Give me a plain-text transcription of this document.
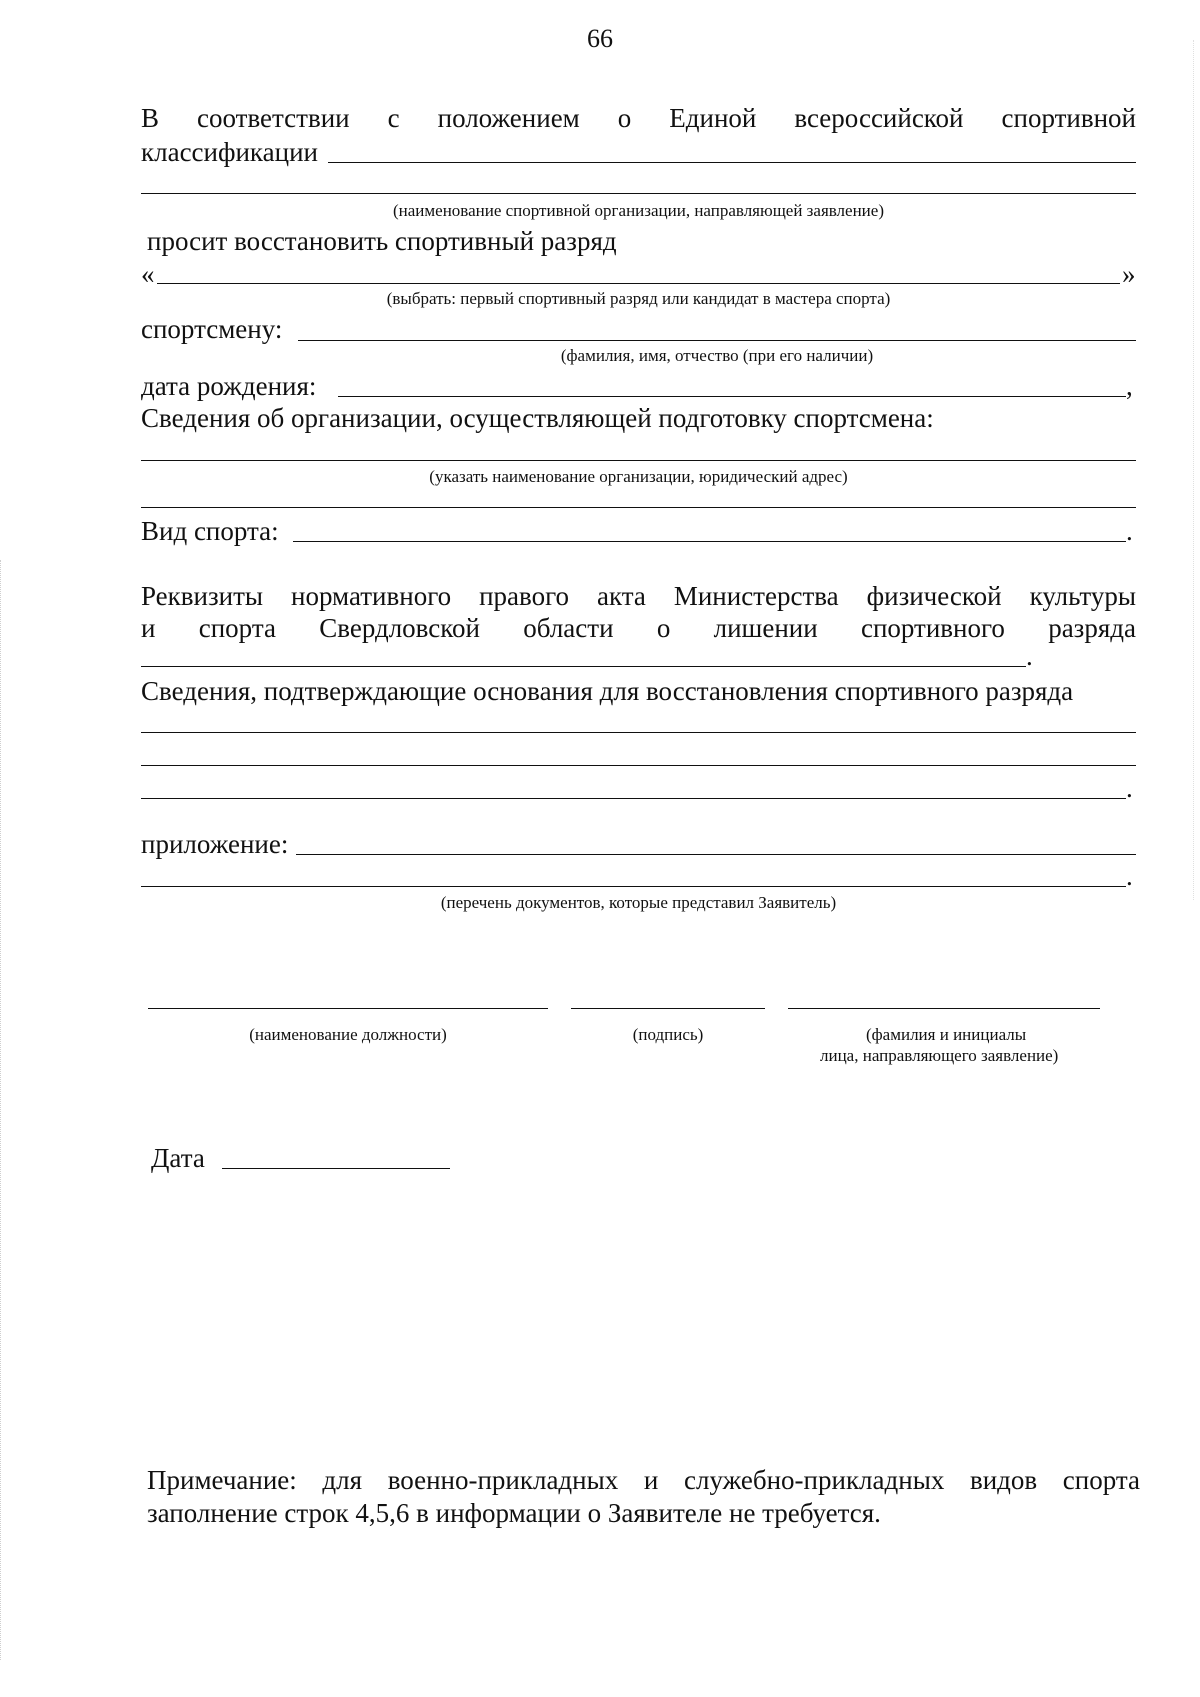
66
В соответствии с положением о Единой всероссийской спортивной
классификации
(наименование спортивной организации, направляющей заявление)
просит восстановить спортивный разряд
«	»
(выбрать: первый спортивный разряд или кандидат в мастера спорта)
спортсмену:
(фамилия, имя, отчество (при его наличии)
дата рождения:	,
Сведения об организации, осуществляющей подготовку спортсмена:
(указать наименование организации, юридический адрес)
Вид спорта:	.
Реквизиты нормативного правого акта Министерства физической культуры
и спорта Свердловской области о лишении спортивного разряда
.
Сведения, подтверждающие основания для восстановления спортивного разряда
.
приложение:
.
(перечень документов, которые представил Заявитель)
(наименование должности)	(подпись)	(фамилия и инициалы
лица, направляющего заявление)
Дата
Примечание: для военно-прикладных и служебно-прикладных видов спорта
заполнение строк 4,5,6 в информации о Заявителе не требуется.
